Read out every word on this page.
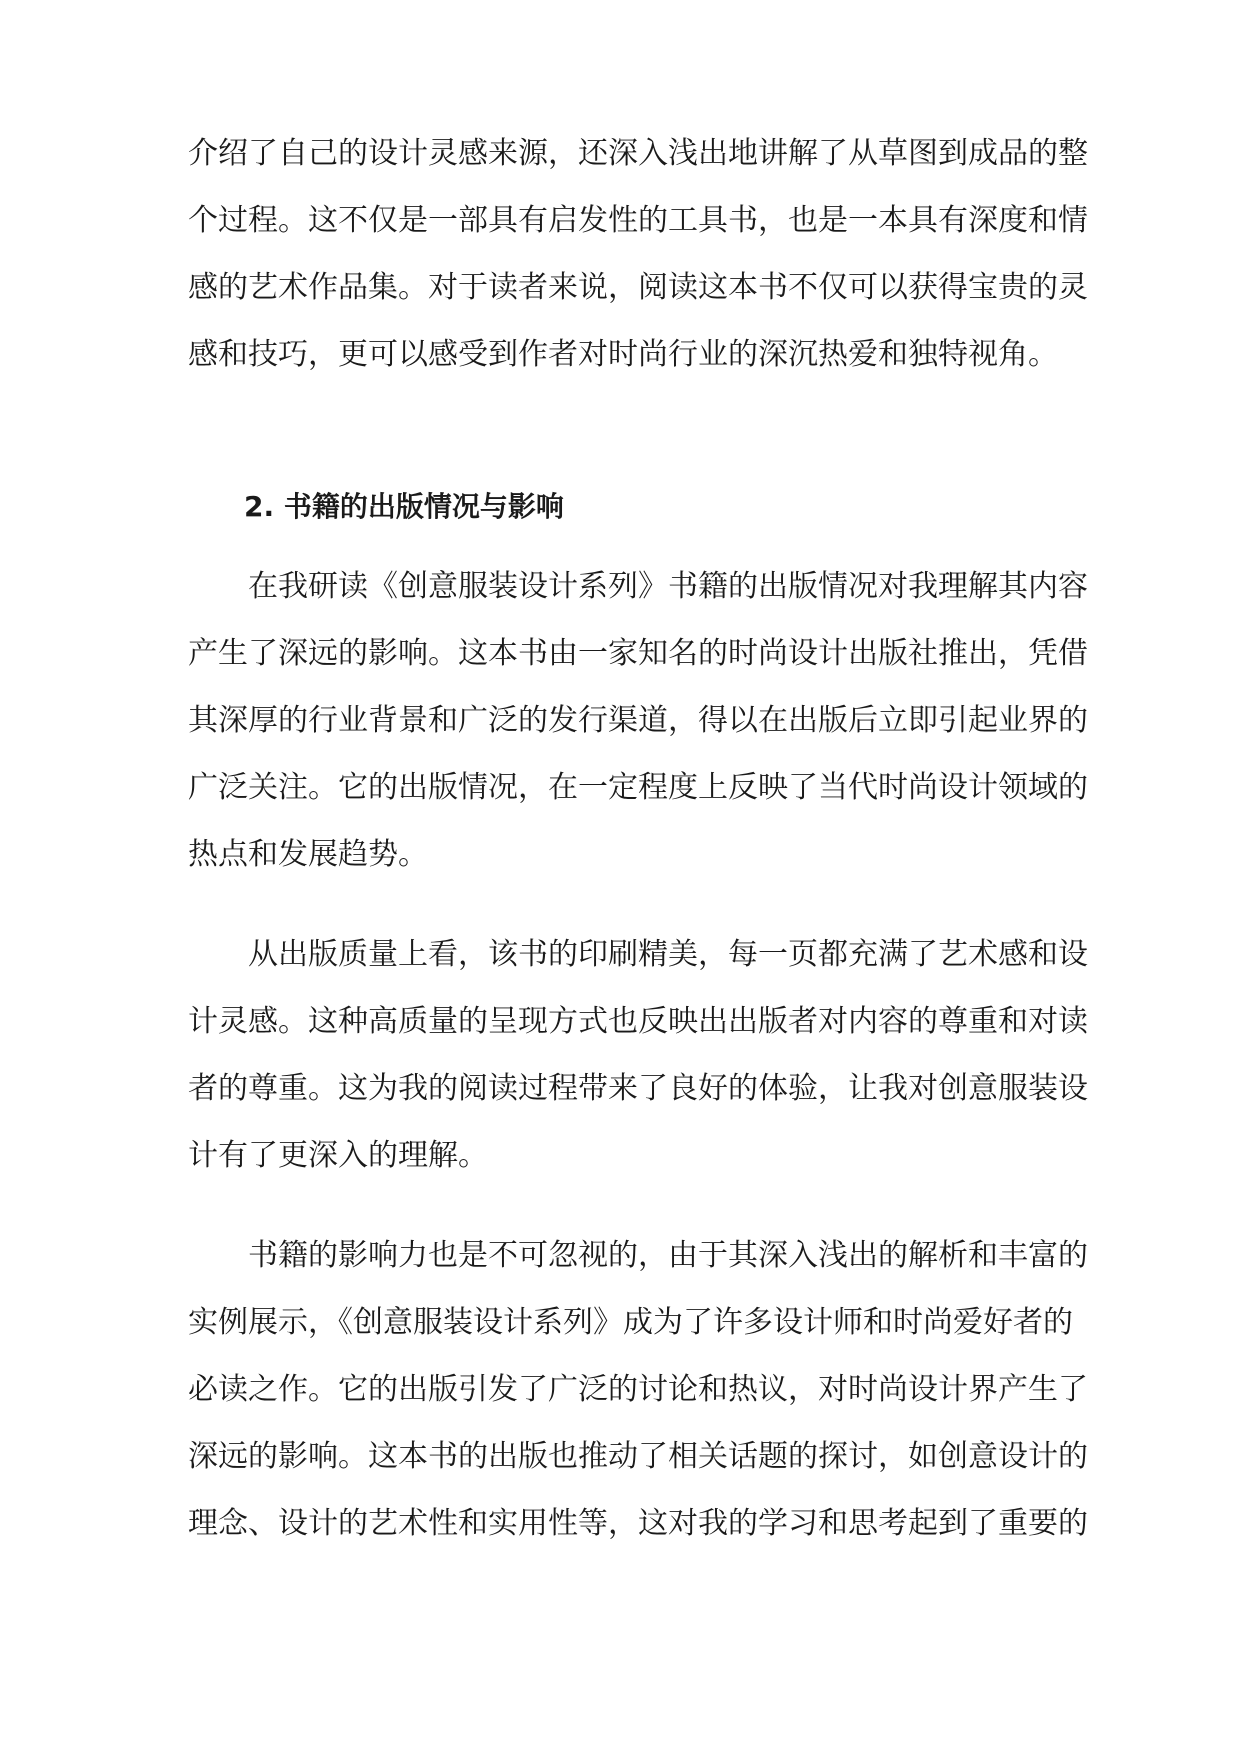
介绍了自己的设计灵感来源，还深入浅出地讲解了从草图到成品的整
个过程。这不仅是一部具有启发性的工具书，也是一本具有深度和情
感的艺术作品集。对于读者来说，阅读这本书不仅可以获得宝贵的灵
感和技巧，更可以感受到作者对时尚行业的深沉热爱和独特视角。
2. 书籍的出版情况与影响
在我研读《创意服装设计系列》书籍的出版情况对我理解其内容
产生了深远的影响。这本书由一家知名的时尚设计出版社推出，凭借
其深厚的行业背景和广泛的发行渠道，得以在出版后立即引起业界的
广泛关注。它的出版情况，在一定程度上反映了当代时尚设计领域的
热点和发展趋势。
从出版质量上看，该书的印刷精美，每一页都充满了艺术感和设
计灵感。这种高质量的呈现方式也反映出出版者对内容的尊重和对读
者的尊重。这为我的阅读过程带来了良好的体验，让我对创意服装设
计有了更深入的理解。
书籍的影响力也是不可忽视的，由于其深入浅出的解析和丰富的
实例展示，《创意服装设计系列》成为了许多设计师和时尚爱好者的
必读之作。它的出版引发了广泛的讨论和热议，对时尚设计界产生了
深远的影响。这本书的出版也推动了相关话题的探讨，如创意设计的
理念、设计的艺术性和实用性等，这对我的学习和思考起到了重要的
